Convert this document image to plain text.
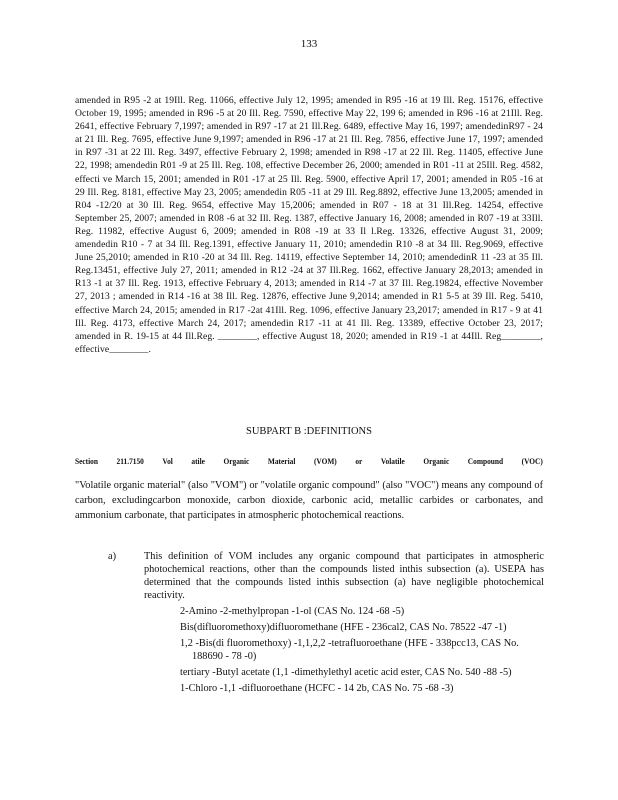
133

amended in R95 -2 at 19Ill. Reg. 11066, effective July 12, 1995; amended in R95 -16 at 19 Ill. Reg. 15176, effective October 19, 1995; amended in R96 -5 at 20 Ill. Reg. 7590, effective May 22, 199 6; amended in R96 -16 at 21Ill. Reg. 2641, effective February 7,1997; amended in R97 -17 at 21 Ill.Reg. 6489, effective May 16, 1997; amendedinR97 - 24 at 21 Ill. Reg. 7695, effective June 9,1997; amended in R96 -17 at 21 Ill. Reg. 7856, effective June 17, 1997; amended in R97 -31 at 22 Ill. Reg. 3497, effective February 2, 1998; amended in R98 -17 at 22 Ill. Reg. 11405, effective June 22, 1998; amendedin R01 -9 at 25 Ill. Reg. 108, effective December 26, 2000; amended in R01 -11 at 25Ill. Reg. 4582, effecti ve March 15, 2001; amended in R01 -17 at 25 Ill. Reg. 5900, effective April 17, 2001; amended in R05 -16 at 29 Ill. Reg. 8181, effective May 23, 2005; amendedin R05 -11 at 29 Ill. Reg.8892, effective June 13,2005; amended in R04 -12/20 at 30 Ill. Reg. 9654, effective May 15,2006; amended in R07 - 18 at 31 Ill.Reg. 14254, effective September 25, 2007; amended in R08 -6 at 32 Ill. Reg. 1387, effective January 16, 2008; amended in R07 -19 at 33Ill. Reg. 11982, effective August 6, 2009; amended in R08 -19 at 33 Il l.Reg. 13326, effective August 31, 2009; amendedin R10 - 7 at 34 Ill. Reg.1391, effective January 11, 2010; amendedin R10 -8 at 34 Ill. Reg.9069, effective June 25,2010; amended in R10 -20 at 34 Ill. Reg. 14119, effective September 14, 2010; amendedinR 11 -23 at 35 Ill. Reg.13451, effective July 27, 2011; amended in R12 -24 at 37 Ill.Reg. 1662, effective January 28,2013; amended in R13 -1 at 37 Ill. Reg. 1913, effective February 4, 2013; amended in R14 -7 at 37 Ill. Reg.19824, effective November 27, 2013 ; amended in R14 -16 at 38 Ill. Reg. 12876, effective June 9,2014; amended in R1 5-5 at 39 Ill. Reg. 5410, effective March 24, 2015; amended in R17 -2at 41Ill. Reg. 1096, effective January 23,2017; amended in R17 - 9 at 41 Ill. Reg. 4173, effective March 24, 2017; amendedin R17 -11 at 41 Ill. Reg. 13389, effective October 23, 2017; amended in R. 19-15 at 44 Ill.Reg. ________, effective August 18, 2020; amended in R19 -1 at 44Ill. Reg________, effective________.

SUBPART B :DEFINITIONS
Section	211.7150	Vol	atile	Organic	Material	(VOM)	or	Volatile	Organic	Compound	(VOC)

"Volatile organic material" (also "VOM") or "volatile organic compound" (also "VOC") means any compound of carbon, excludingcarbon monoxide, carbon dioxide, carbonic acid, metallic carbides or carbonates, and ammonium carbonate, that participates in atmospheric photochemical reactions.

a)	This definition of VOM includes any organic compound that participates in atmospheric photochemical reactions, other than the compounds listed inthis subsection (a). USEPA has determined that the compounds listed inthis subsection (a) have negligible photochemical reactivity.

2-Amino -2-methylpropan -1-ol (CAS No. 124 -68 -5)

Bis(difluoromethoxy)difluoromethane (HFE - 236cal2, CAS No. 78522 -47 -1)

1,2 -Bis(di fluoromethoxy) -1,1,2,2 -tetrafluoroethane (HFE - 338pcc13, CAS No. 188690 - 78 -0)

tertiary -Butyl acetate (1,1 -dimethylethyl acetic acid ester, CAS No. 540 -88 -5)

1-Chloro -1,1 -difluoroethane (HCFC - 14 2b, CAS No. 75 -68 -3)
